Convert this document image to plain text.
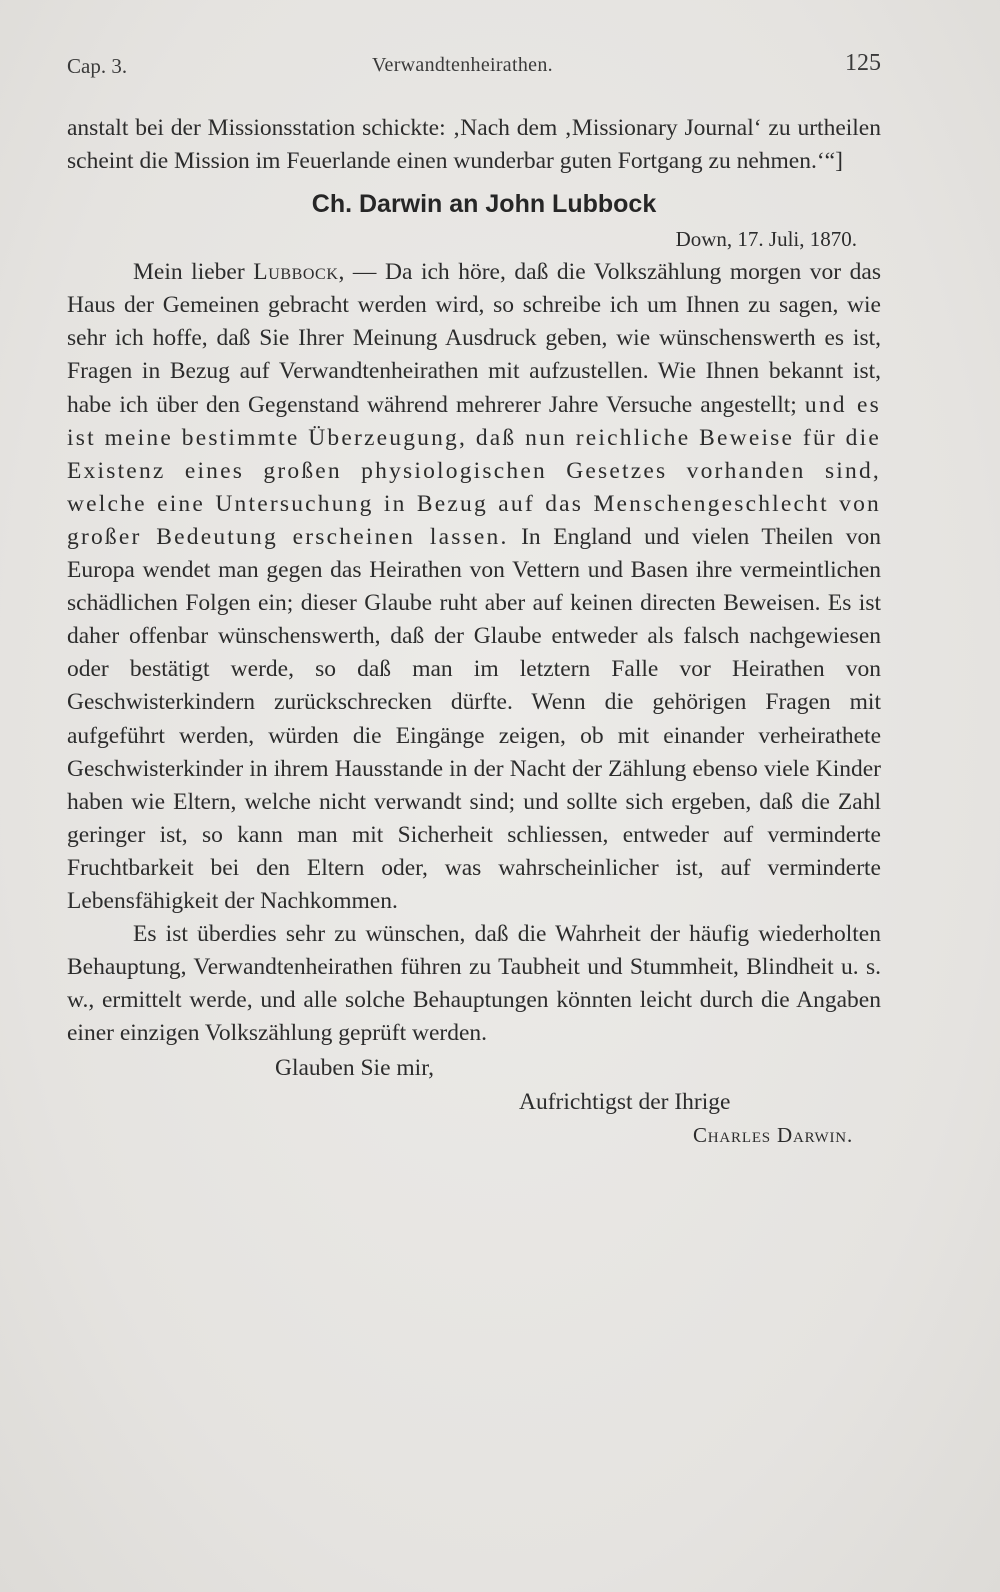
Cap. 3.	Verwandtenheirathen.	125

anstalt bei der Missionsstation schickte: ‚Nach dem ‚Missionary Journal‘ zu urtheilen scheint die Mission im Feuerlande einen wunderbar guten Fortgang zu nehmen.‘“]

Ch. Darwin an John Lubbock

Down, 17. Juli, 1870.

Mein lieber Lubbock, — Da ich höre, daß die Volkszählung morgen vor das Haus der Gemeinen gebracht werden wird, so schreibe ich um Ihnen zu sagen, wie sehr ich hoffe, daß Sie Ihrer Meinung Ausdruck geben, wie wünschenswerth es ist, Fragen in Bezug auf Verwandtenheirathen mit aufzustellen. Wie Ihnen bekannt ist, habe ich über den Gegenstand während mehrerer Jahre Versuche angestellt; und es ist meine bestimmte Überzeugung, daß nun reichliche Beweise für die Existenz eines großen physiologischen Gesetzes vorhanden sind, welche eine Untersuchung in Bezug auf das Menschengeschlecht von großer Bedeutung erscheinen lassen. In England und vielen Theilen von Europa wendet man gegen das Heirathen von Vettern und Basen ihre vermeintlichen schädlichen Folgen ein; dieser Glaube ruht aber auf keinen directen Beweisen. Es ist daher offenbar wünschenswerth, daß der Glaube entweder als falsch nachgewiesen oder bestätigt werde, so daß man im letztern Falle vor Heirathen von Geschwisterkindern zurückschrecken dürfte. Wenn die gehörigen Fragen mit aufgeführt werden, würden die Eingänge zeigen, ob mit einander verheirathete Geschwisterkinder in ihrem Hausstande in der Nacht der Zählung ebenso viele Kinder haben wie Eltern, welche nicht verwandt sind; und sollte sich ergeben, daß die Zahl geringer ist, so kann man mit Sicherheit schliessen, entweder auf verminderte Fruchtbarkeit bei den Eltern oder, was wahrscheinlicher ist, auf verminderte Lebensfähigkeit der Nachkommen.

Es ist überdies sehr zu wünschen, daß die Wahrheit der häufig wiederholten Behauptung, Verwandtenheirathen führen zu Taubheit und Stummheit, Blindheit u. s. w., ermittelt werde, und alle solche Behauptungen könnten leicht durch die Angaben einer einzigen Volkszählung geprüft werden.

Glauben Sie mir,

Aufrichtigst der Ihrige

Charles Darwin.
